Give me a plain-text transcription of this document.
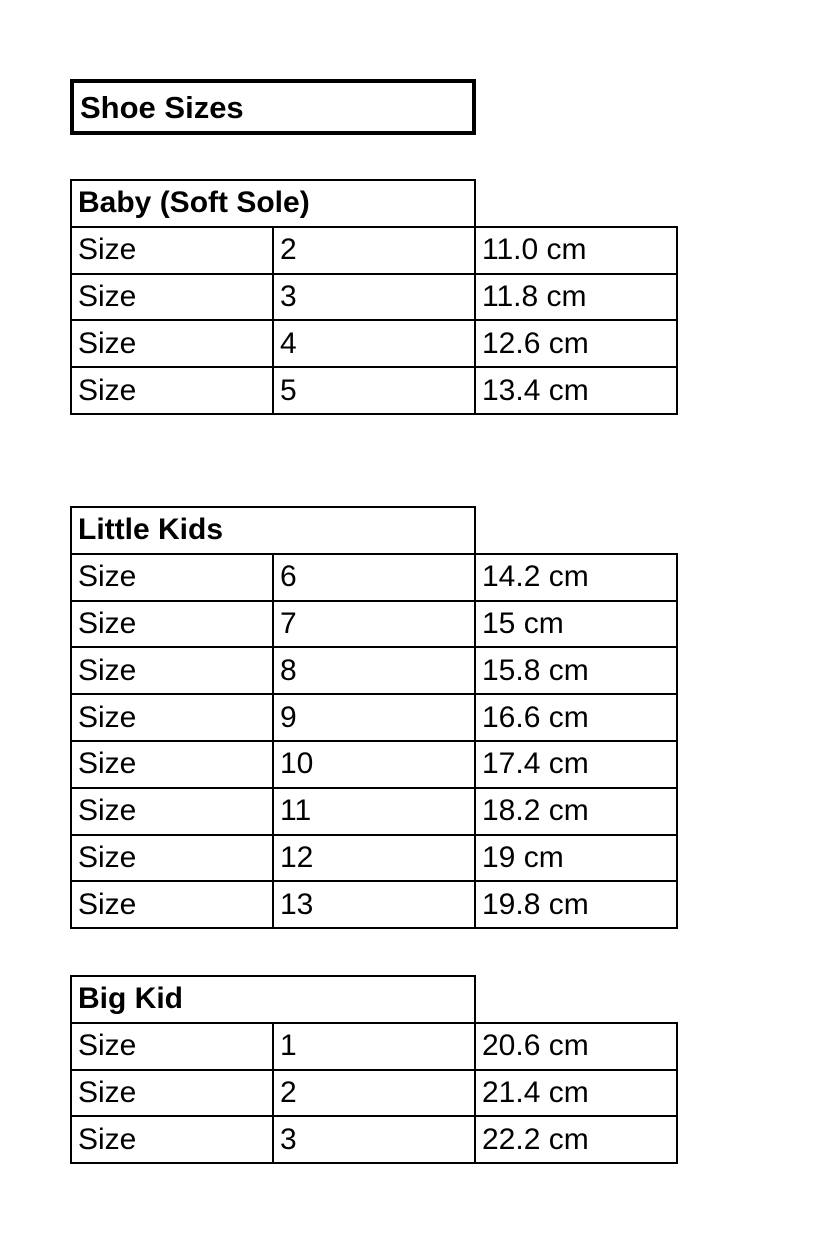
Shoe Sizes
Baby (Soft Sole)		
Size	2	11.0 cm
Size	3	11.8 cm
Size	4	12.6 cm
Size	5	13.4 cm
Little Kids		
Size	6	14.2 cm
Size	7	15 cm
Size	8	15.8 cm
Size	9	16.6 cm
Size	10	17.4 cm
Size	11	18.2 cm
Size	12	19 cm
Size	13	19.8 cm
Big Kid		
Size	1	20.6 cm
Size	2	21.4 cm
Size	3	22.2 cm
